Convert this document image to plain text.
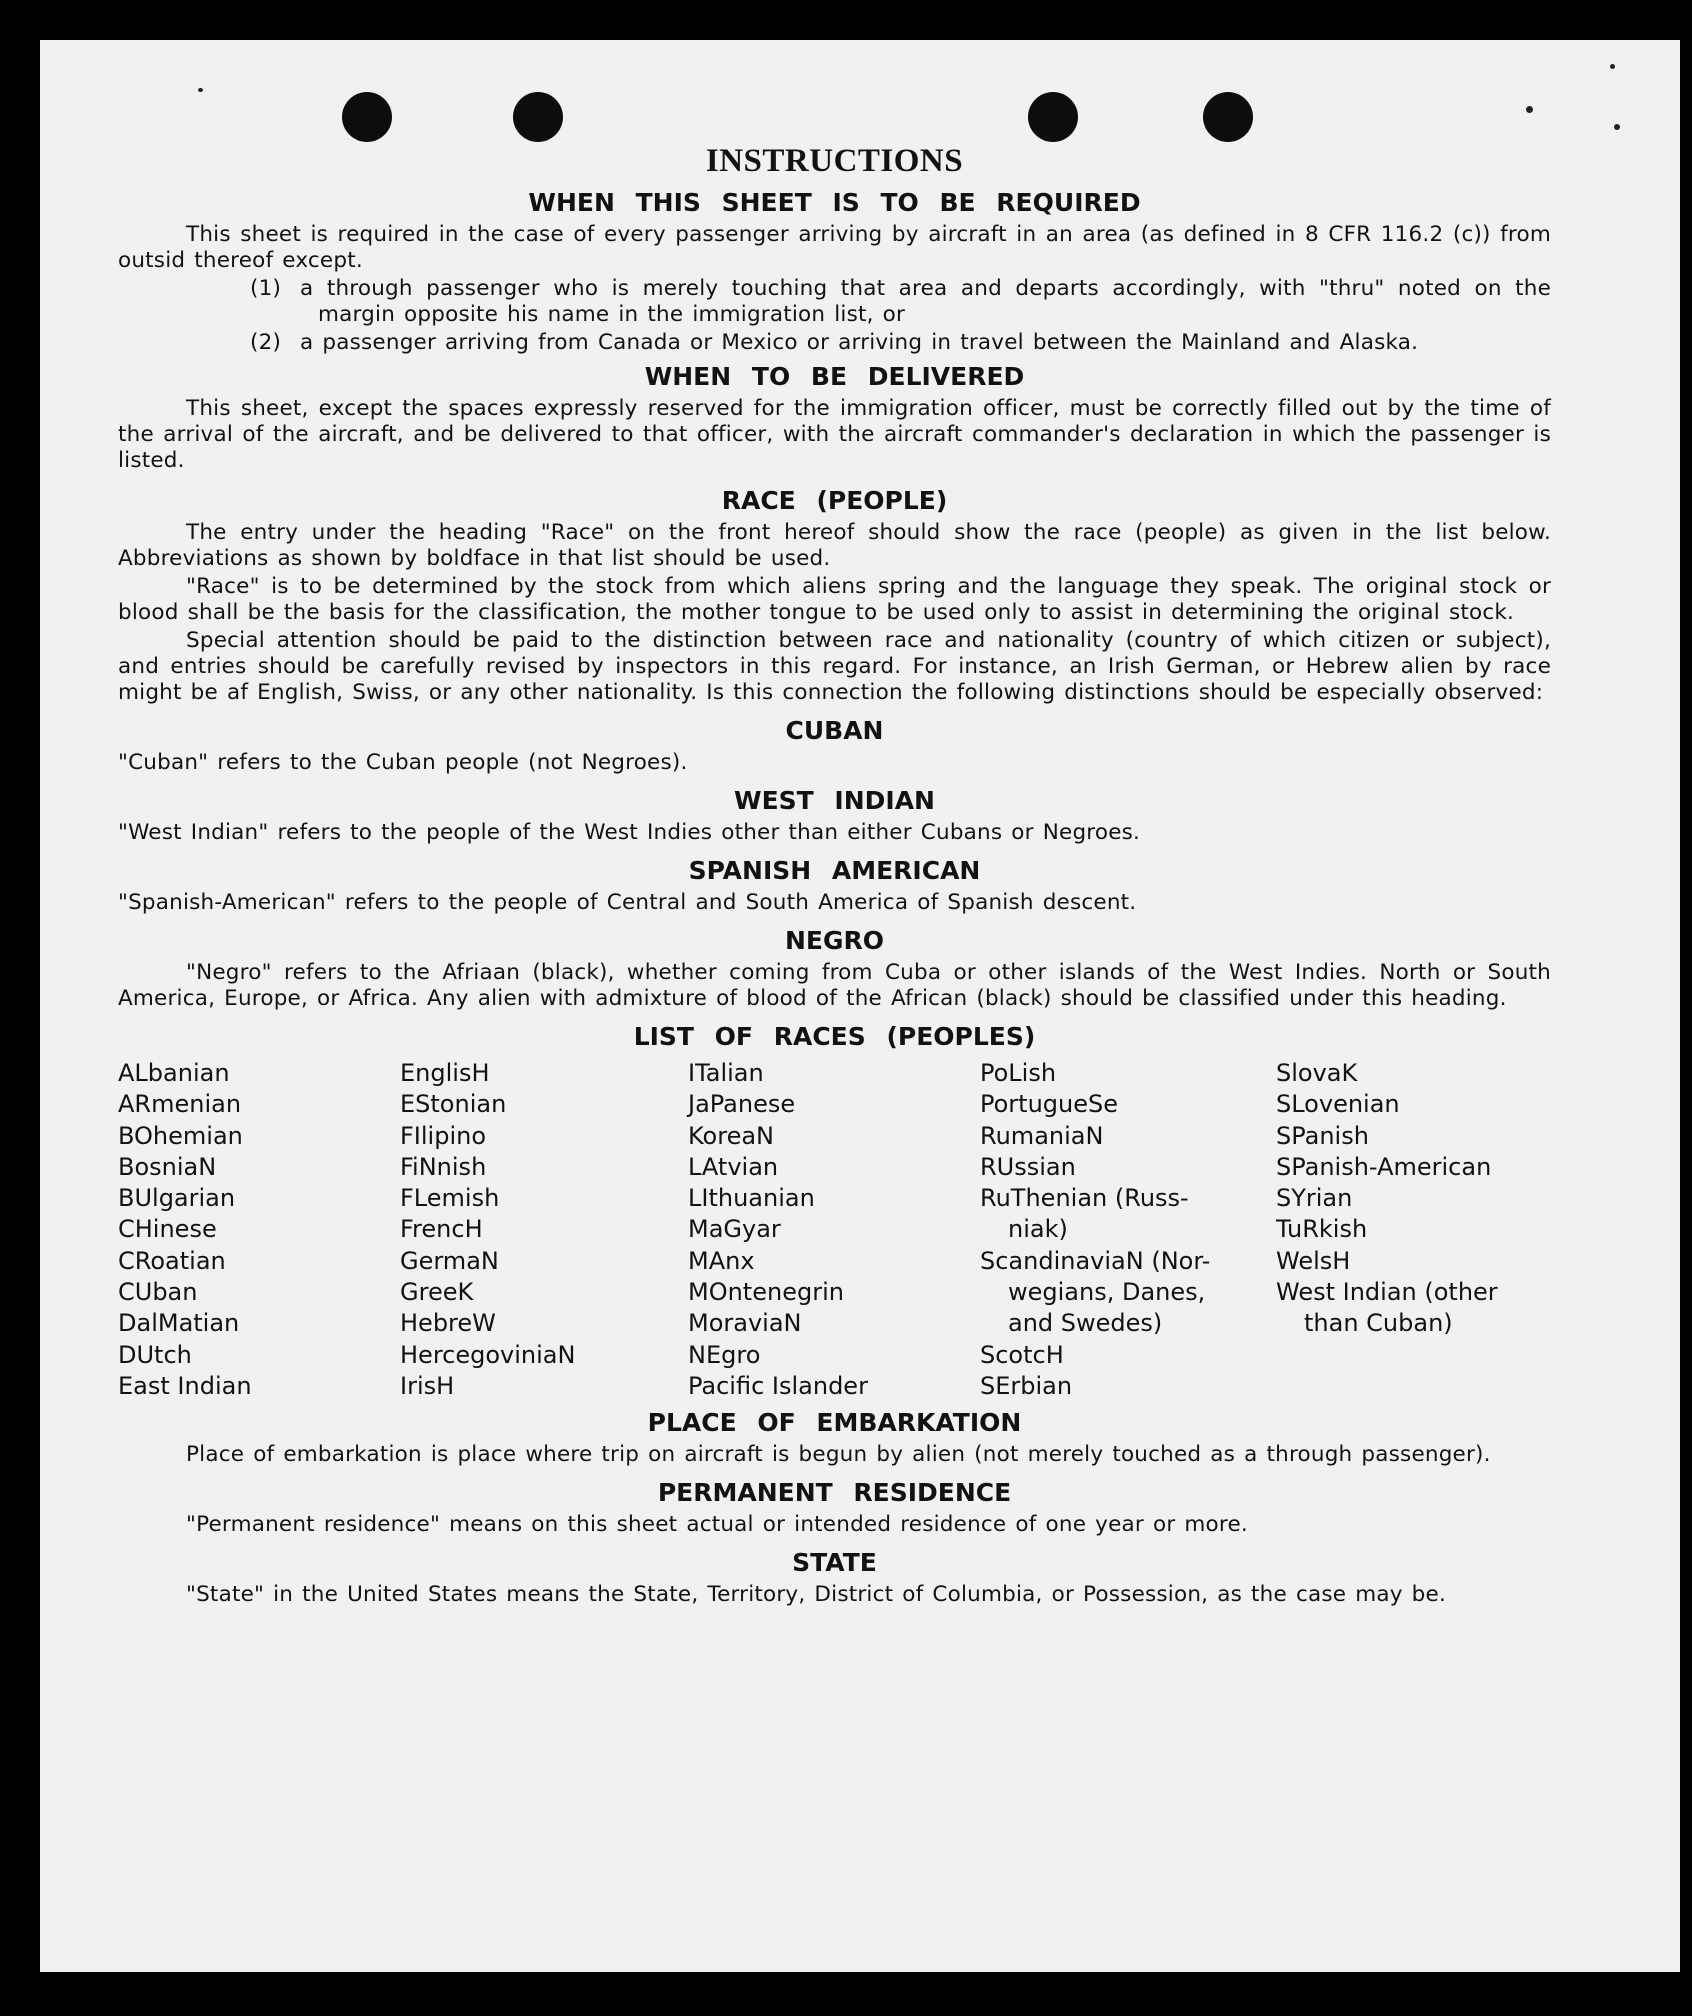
INSTRUCTIONS
WHEN THIS SHEET IS TO BE REQUIRED
This sheet is required in the case of every passenger arriving by aircraft in an area (as defined in 8 CFR 116.2 (c)) from outsid thereof except.
(1) a through passenger who is merely touching that area and departs accordingly, with "thru" noted on the margin opposite his name in the immigration list, or
(2) a passenger arriving from Canada or Mexico or arriving in travel between the Mainland and Alaska.
WHEN TO BE DELIVERED
This sheet, except the spaces expressly reserved for the immigration officer, must be correctly filled out by the time of the arrival of the aircraft, and be delivered to that officer, with the aircraft commander's declaration in which the passenger is listed.
RACE (PEOPLE)
The entry under the heading "Race" on the front hereof should show the race (people) as given in the list below. Abbreviations as shown by boldface in that list should be used.
"Race" is to be determined by the stock from which aliens spring and the language they speak. The original stock or blood shall be the basis for the classification, the mother tongue to be used only to assist in determining the original stock.
Special attention should be paid to the distinction between race and nationality (country of which citizen or subject), and entries should be carefully revised by inspectors in this regard. For instance, an Irish German, or Hebrew alien by race might be af English, Swiss, or any other nationality. Is this connection the following distinctions should be especially observed:
CUBAN
"Cuban" refers to the Cuban people (not Negroes).
WEST INDIAN
"West Indian" refers to the people of the West Indies other than either Cubans or Negroes.
SPANISH AMERICAN
"Spanish-American" refers to the people of Central and South America of Spanish descent.
NEGRO
"Negro" refers to the Afriaan (black), whether coming from Cuba or other islands of the West Indies. North or South America, Europe, or Africa. Any alien with admixture of blood of the African (black) should be classified under this heading.
LIST OF RACES (PEOPLES)
ALbanian
ARmenian
BOhemian
BosniaN
BUlgarian
CHinese
CRoatian
CUban
DalMatian
DUtch
East Indian
EnglisH
EStonian
FIlipino
FiNnish
FLemish
FrencH
GermaN
GreeK
HebreW
HercegoviniaN
IrisH
ITalian
JaPanese
KoreaN
LAtvian
LIthuanian
MaGyar
MAnx
MOntenegrin
MoraviaN
NEgro
Pacific Islander
PoLish
PortugueSe
RumaniaN
RUssian
RuThenian (Russ-
niak)
ScandinaviaN (Nor-
wegians, Danes,
and Swedes)
ScotcH
SErbian
SlovaK
SLovenian
SPanish
SPanish-American
SYrian
TuRkish
WelsH
West Indian (other
than Cuban)
PLACE OF EMBARKATION
Place of embarkation is place where trip on aircraft is begun by alien (not merely touched as a through passenger).
PERMANENT RESIDENCE
"Permanent residence" means on this sheet actual or intended residence of one year or more.
STATE
"State" in the United States means the State, Territory, District of Columbia, or Possession, as the case may be.
